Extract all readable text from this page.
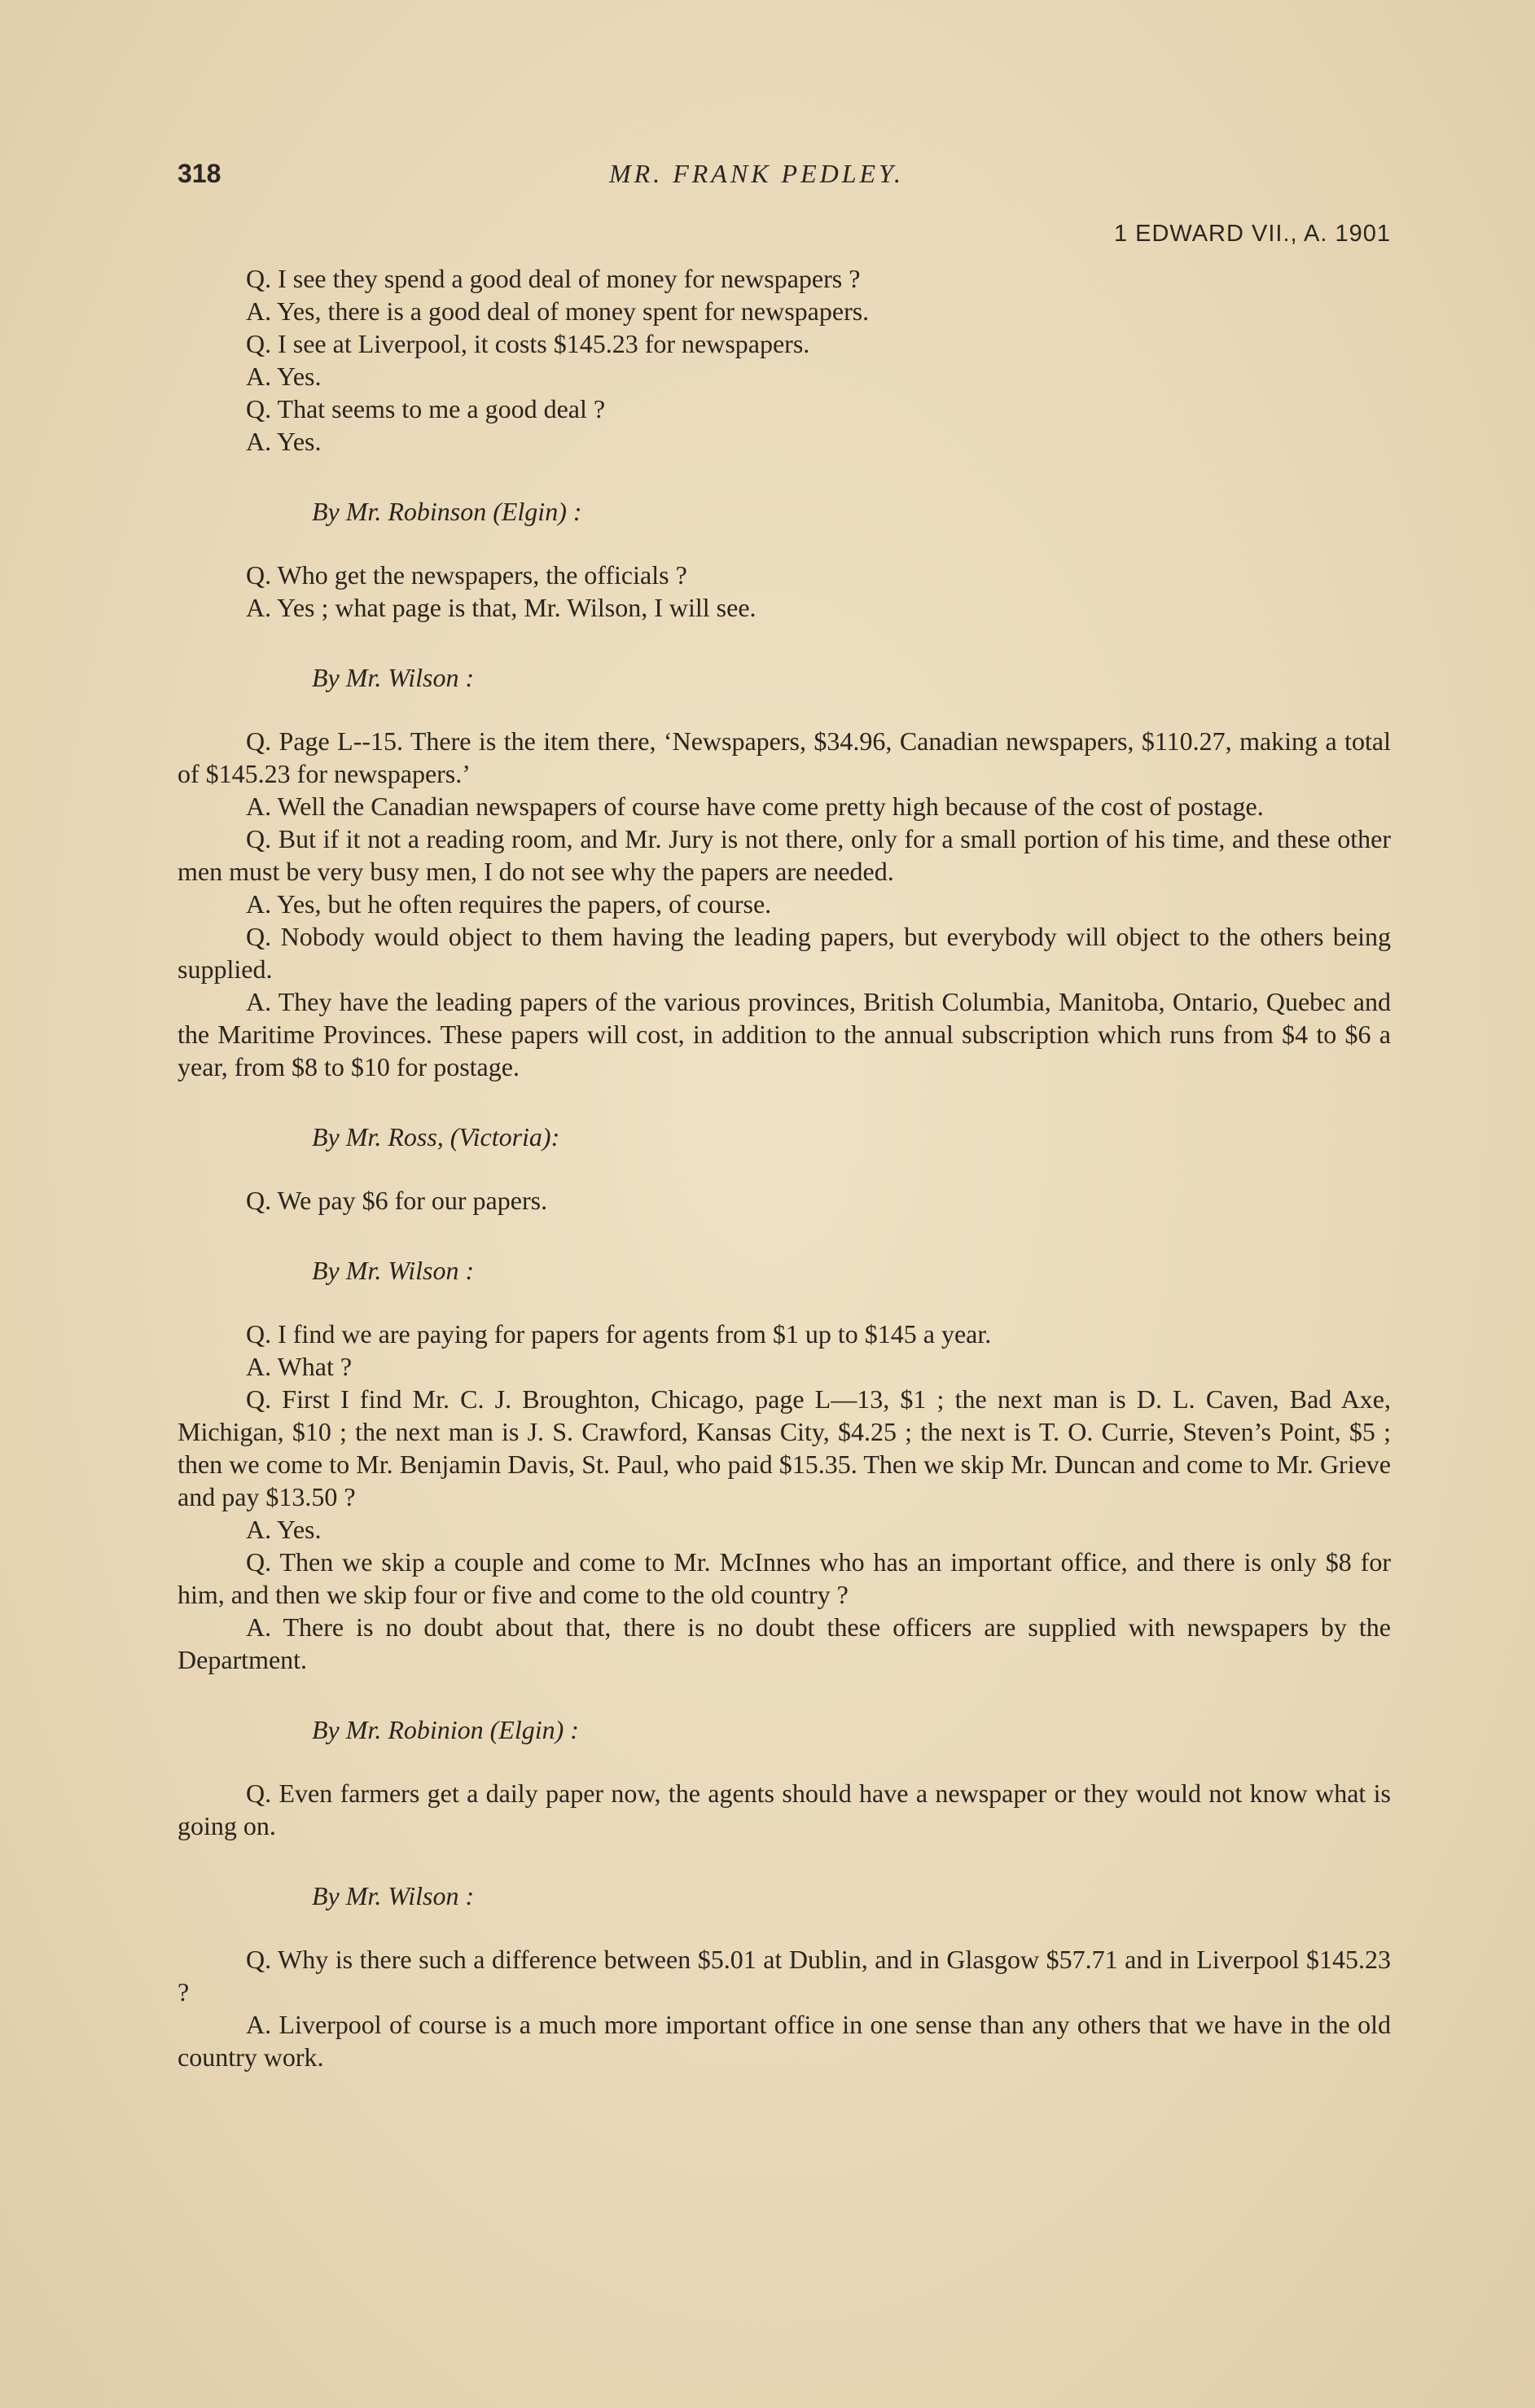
318	MR. FRANK PEDLEY.
1 EDWARD VII., A. 1901

Q. I see they spend a good deal of money for newspapers ?

A. Yes, there is a good deal of money spent for newspapers.

Q. I see at Liverpool, it costs $145.23 for newspapers.

A. Yes.

Q. That seems to me a good deal ?

A. Yes.

By Mr. Robinson (Elgin) :

Q. Who get the newspapers, the officials ?

A. Yes ; what page is that, Mr. Wilson, I will see.

By Mr. Wilson :

Q. Page L--15. There is the item there, ‘Newspapers, $34.96, Canadian newspapers, $110.27, making a total of $145.23 for newspapers.’

A. Well the Canadian newspapers of course have come pretty high because of the cost of postage.

Q. But if it not a reading room, and Mr. Jury is not there, only for a small portion of his time, and these other men must be very busy men, I do not see why the papers are needed.

A. Yes, but he often requires the papers, of course.

Q. Nobody would object to them having the leading papers, but everybody will object to the others being supplied.

A. They have the leading papers of the various provinces, British Columbia, Manitoba, Ontario, Quebec and the Maritime Provinces. These papers will cost, in addition to the annual subscription which runs from $4 to $6 a year, from $8 to $10 for postage.

By Mr. Ross, (Victoria):

Q. We pay $6 for our papers.

By Mr. Wilson :

Q. I find we are paying for papers for agents from $1 up to $145 a year.

A. What ?

Q. First I find Mr. C. J. Broughton, Chicago, page L—13, $1 ; the next man is D. L. Caven, Bad Axe, Michigan, $10 ; the next man is J. S. Crawford, Kansas City, $4.25 ; the next is T. O. Currie, Steven’s Point, $5 ; then we come to Mr. Benjamin Davis, St. Paul, who paid $15.35. Then we skip Mr. Duncan and come to Mr. Grieve and pay $13.50 ?

A. Yes.

Q. Then we skip a couple and come to Mr. McInnes who has an important office, and there is only $8 for him, and then we skip four or five and come to the old country ?

A. There is no doubt about that, there is no doubt these officers are supplied with newspapers by the Department.

By Mr. Robinion (Elgin) :

Q. Even farmers get a daily paper now, the agents should have a newspaper or they would not know what is going on.

By Mr. Wilson :

Q. Why is there such a difference between $5.01 at Dublin, and in Glasgow $57.71 and in Liverpool $145.23 ?

A. Liverpool of course is a much more important office in one sense than any others that we have in the old country work.
